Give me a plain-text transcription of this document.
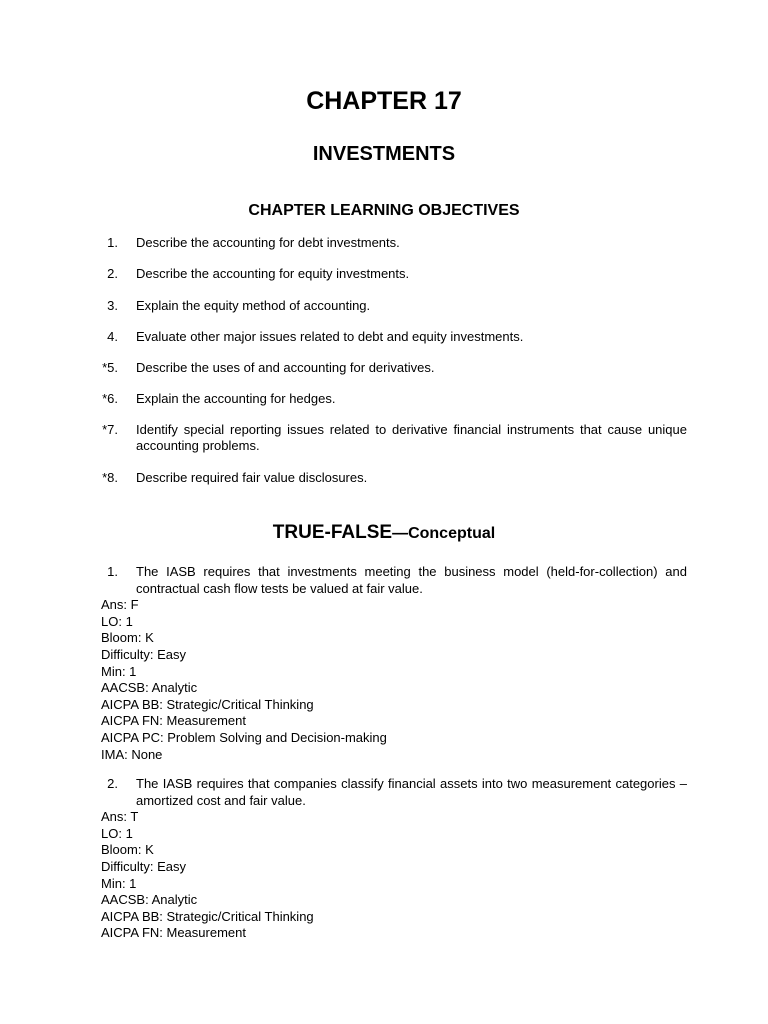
CHAPTER 17
INVESTMENTS
CHAPTER LEARNING OBJECTIVES
1. Describe the accounting for debt investments.
2. Describe the accounting for equity investments.
3. Explain the equity method of accounting.
4. Evaluate other major issues related to debt and equity investments.
*5. Describe the uses of and accounting for derivatives.
*6. Explain the accounting for hedges.
*7. Identify special reporting issues related to derivative financial instruments that cause unique accounting problems.
*8. Describe required fair value disclosures.
TRUE-FALSE—Conceptual
1. The IASB requires that investments meeting the business model (held-for-collection) and contractual cash flow tests be valued at fair value.
Ans: F
LO: 1
Bloom: K
Difficulty: Easy
Min: 1
AACSB: Analytic
AICPA BB: Strategic/Critical Thinking
AICPA FN: Measurement
AICPA PC: Problem Solving and Decision-making
IMA: None
2. The IASB requires that companies classify financial assets into two measurement categories – amortized cost and fair value.
Ans: T
LO: 1
Bloom: K
Difficulty: Easy
Min: 1
AACSB: Analytic
AICPA BB: Strategic/Critical Thinking
AICPA FN: Measurement
